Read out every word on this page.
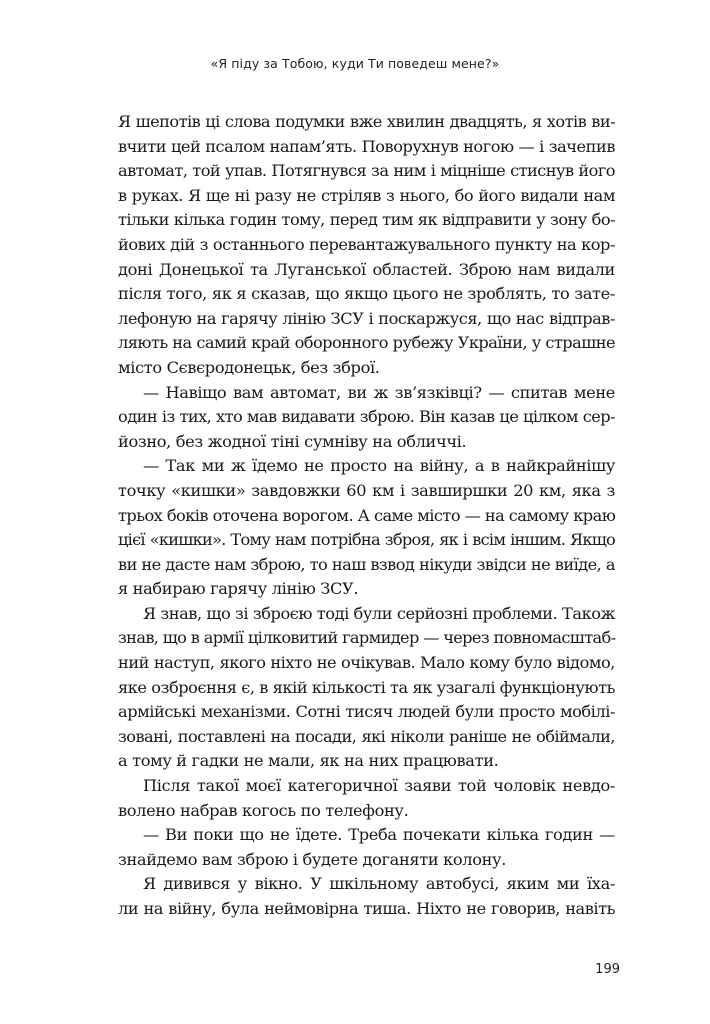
«Я піду за Тобою, куди Ти поведеш мене?»
Я шепотів ці слова подумки вже хвилин двадцять, я хотів ви-
вчити цей псалом напам’ять. Поворухнув ногою — і зачепив
автомат, той упав. Потягнувся за ним і міцніше стиснув його
в руках. Я ще ні разу не стріляв з нього, бо його видали нам
тільки кілька годин тому, перед тим як відправити у зону бо-
йових дій з останнього перевантажувального пункту на кор-
доні Донецької та Луганської областей. Зброю нам видали
після того, як я сказав, що якщо цього не зроблять, то зате-
лефоную на гарячу лінію ЗСУ і поскаржуся, що нас відправ-
ляють на самий край оборонного рубежу України, у страшне
місто Сєвєродонецьк, без зброї.
— Навіщо вам автомат, ви ж зв’язківці? — спитав мене
один із тих, хто мав видавати зброю. Він казав це цілком сер-
йозно, без жодної тіні сумніву на обличчі.
— Так ми ж їдемо не просто на війну, а в найкрайнішу
точку «кишки» завдовжки 60 км і завширшки 20 км, яка з
трьох боків оточена ворогом. А саме місто — на самому краю
цієї «кишки». Тому нам потрібна зброя, як і всім іншим. Якщо
ви не дасте нам зброю, то наш взвод нікуди звідси не виїде, а
я набираю гарячу лінію ЗСУ.
Я знав, що зі зброєю тоді були серйозні проблеми. Також
знав, що в армії цілковитий гармидер — через повномасштаб-
ний наступ, якого ніхто не очікував. Мало кому було відомо,
яке озброєння є, в якій кількості та як узагалі функціонують
армійські механізми. Сотні тисяч людей були просто мобілі-
зовані, поставлені на посади, які ніколи раніше не обіймали,
а тому й гадки не мали, як на них працювати.
Після такої моєї категоричної заяви той чоловік невдо-
волено набрав когось по телефону.
— Ви поки що не їдете. Треба почекати кілька годин —
знайдемо вам зброю і будете доганяти колону.
Я дивився у вікно. У шкільному автобусі, яким ми їха-
ли на війну, була неймовірна тиша. Ніхто не говорив, навіть
199
